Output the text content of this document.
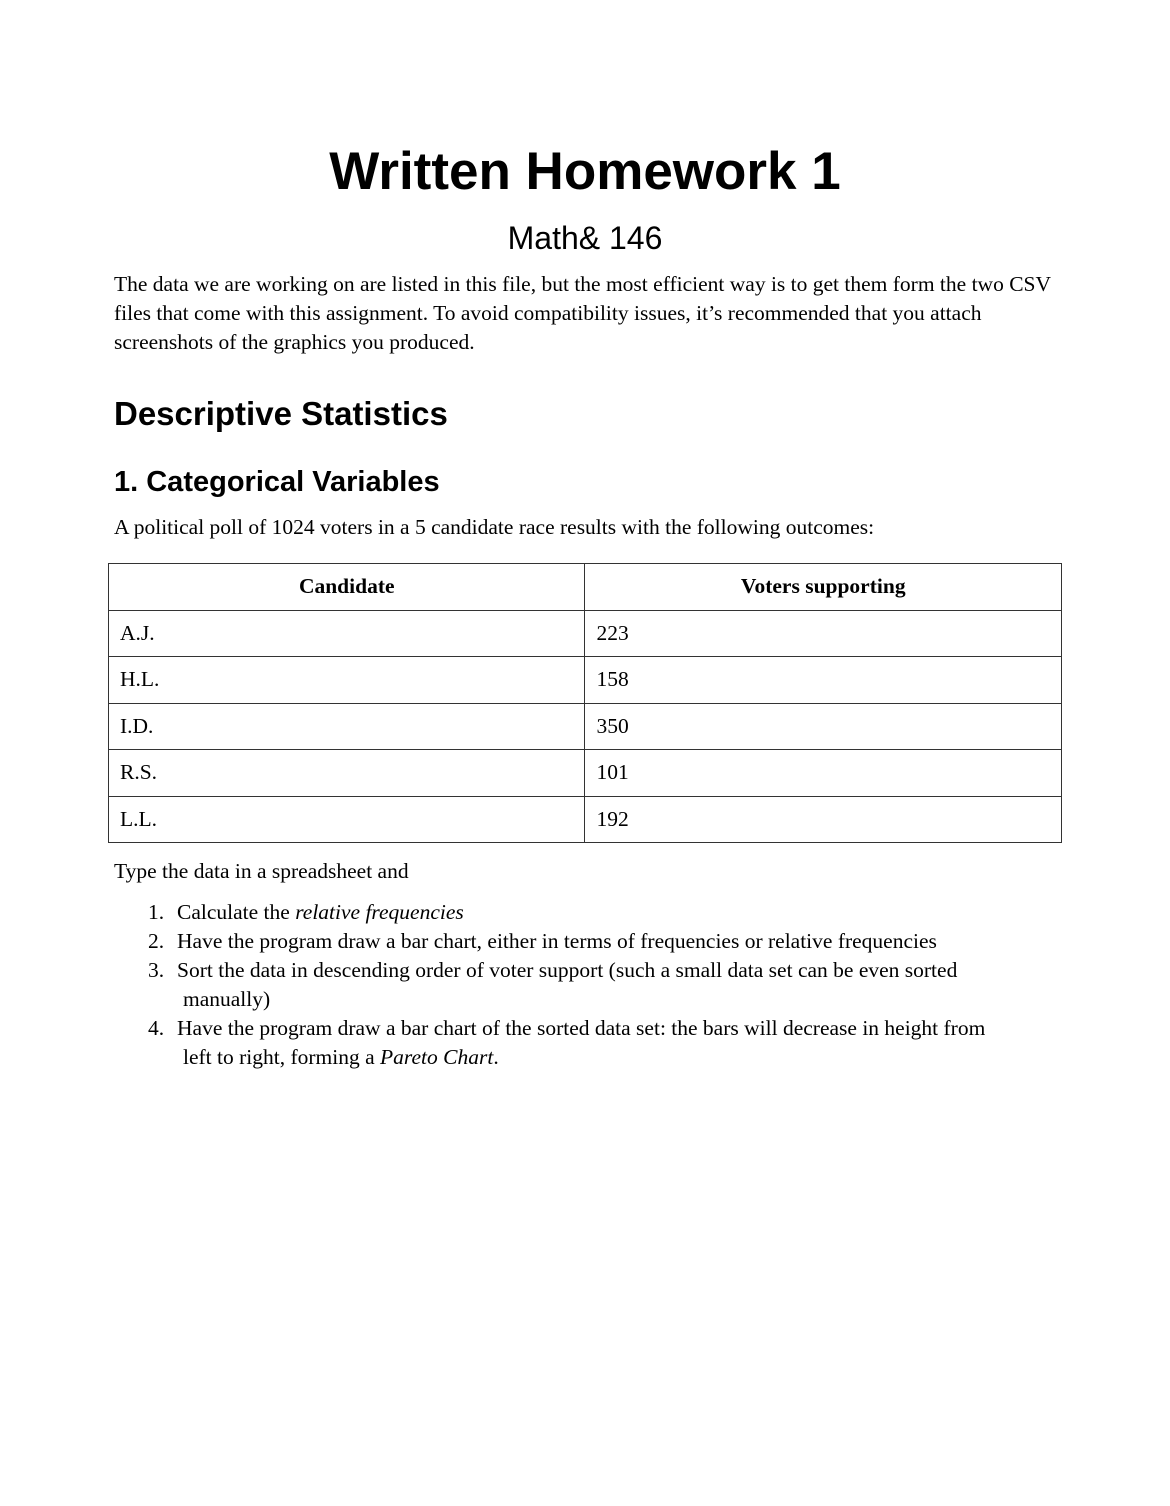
Written Homework 1
Math& 146

The data we are working on are listed in this file, but the most efficient way is to get them form the two CSV files that come with this assignment. To avoid compatibility issues, it’s recommended that you attach screenshots of the graphics you produced.

Descriptive Statistics
1. Categorical Variables

A political poll of 1024 voters in a 5 candidate race results with the following outcomes:

Candidate	Voters supporting
A.J.	223
H.L.	158
I.D.	350
R.S.	101
L.L.	192

Type the data in a spreadsheet and

1. Calculate the relative frequencies
2. Have the program draw a bar chart, either in terms of frequencies or relative frequencies
3. Sort the data in descending order of voter support (such a small data set can be even sorted
manually)
4. Have the program draw a bar chart of the sorted data set: the bars will decrease in height from
left to right, forming a Pareto Chart.
